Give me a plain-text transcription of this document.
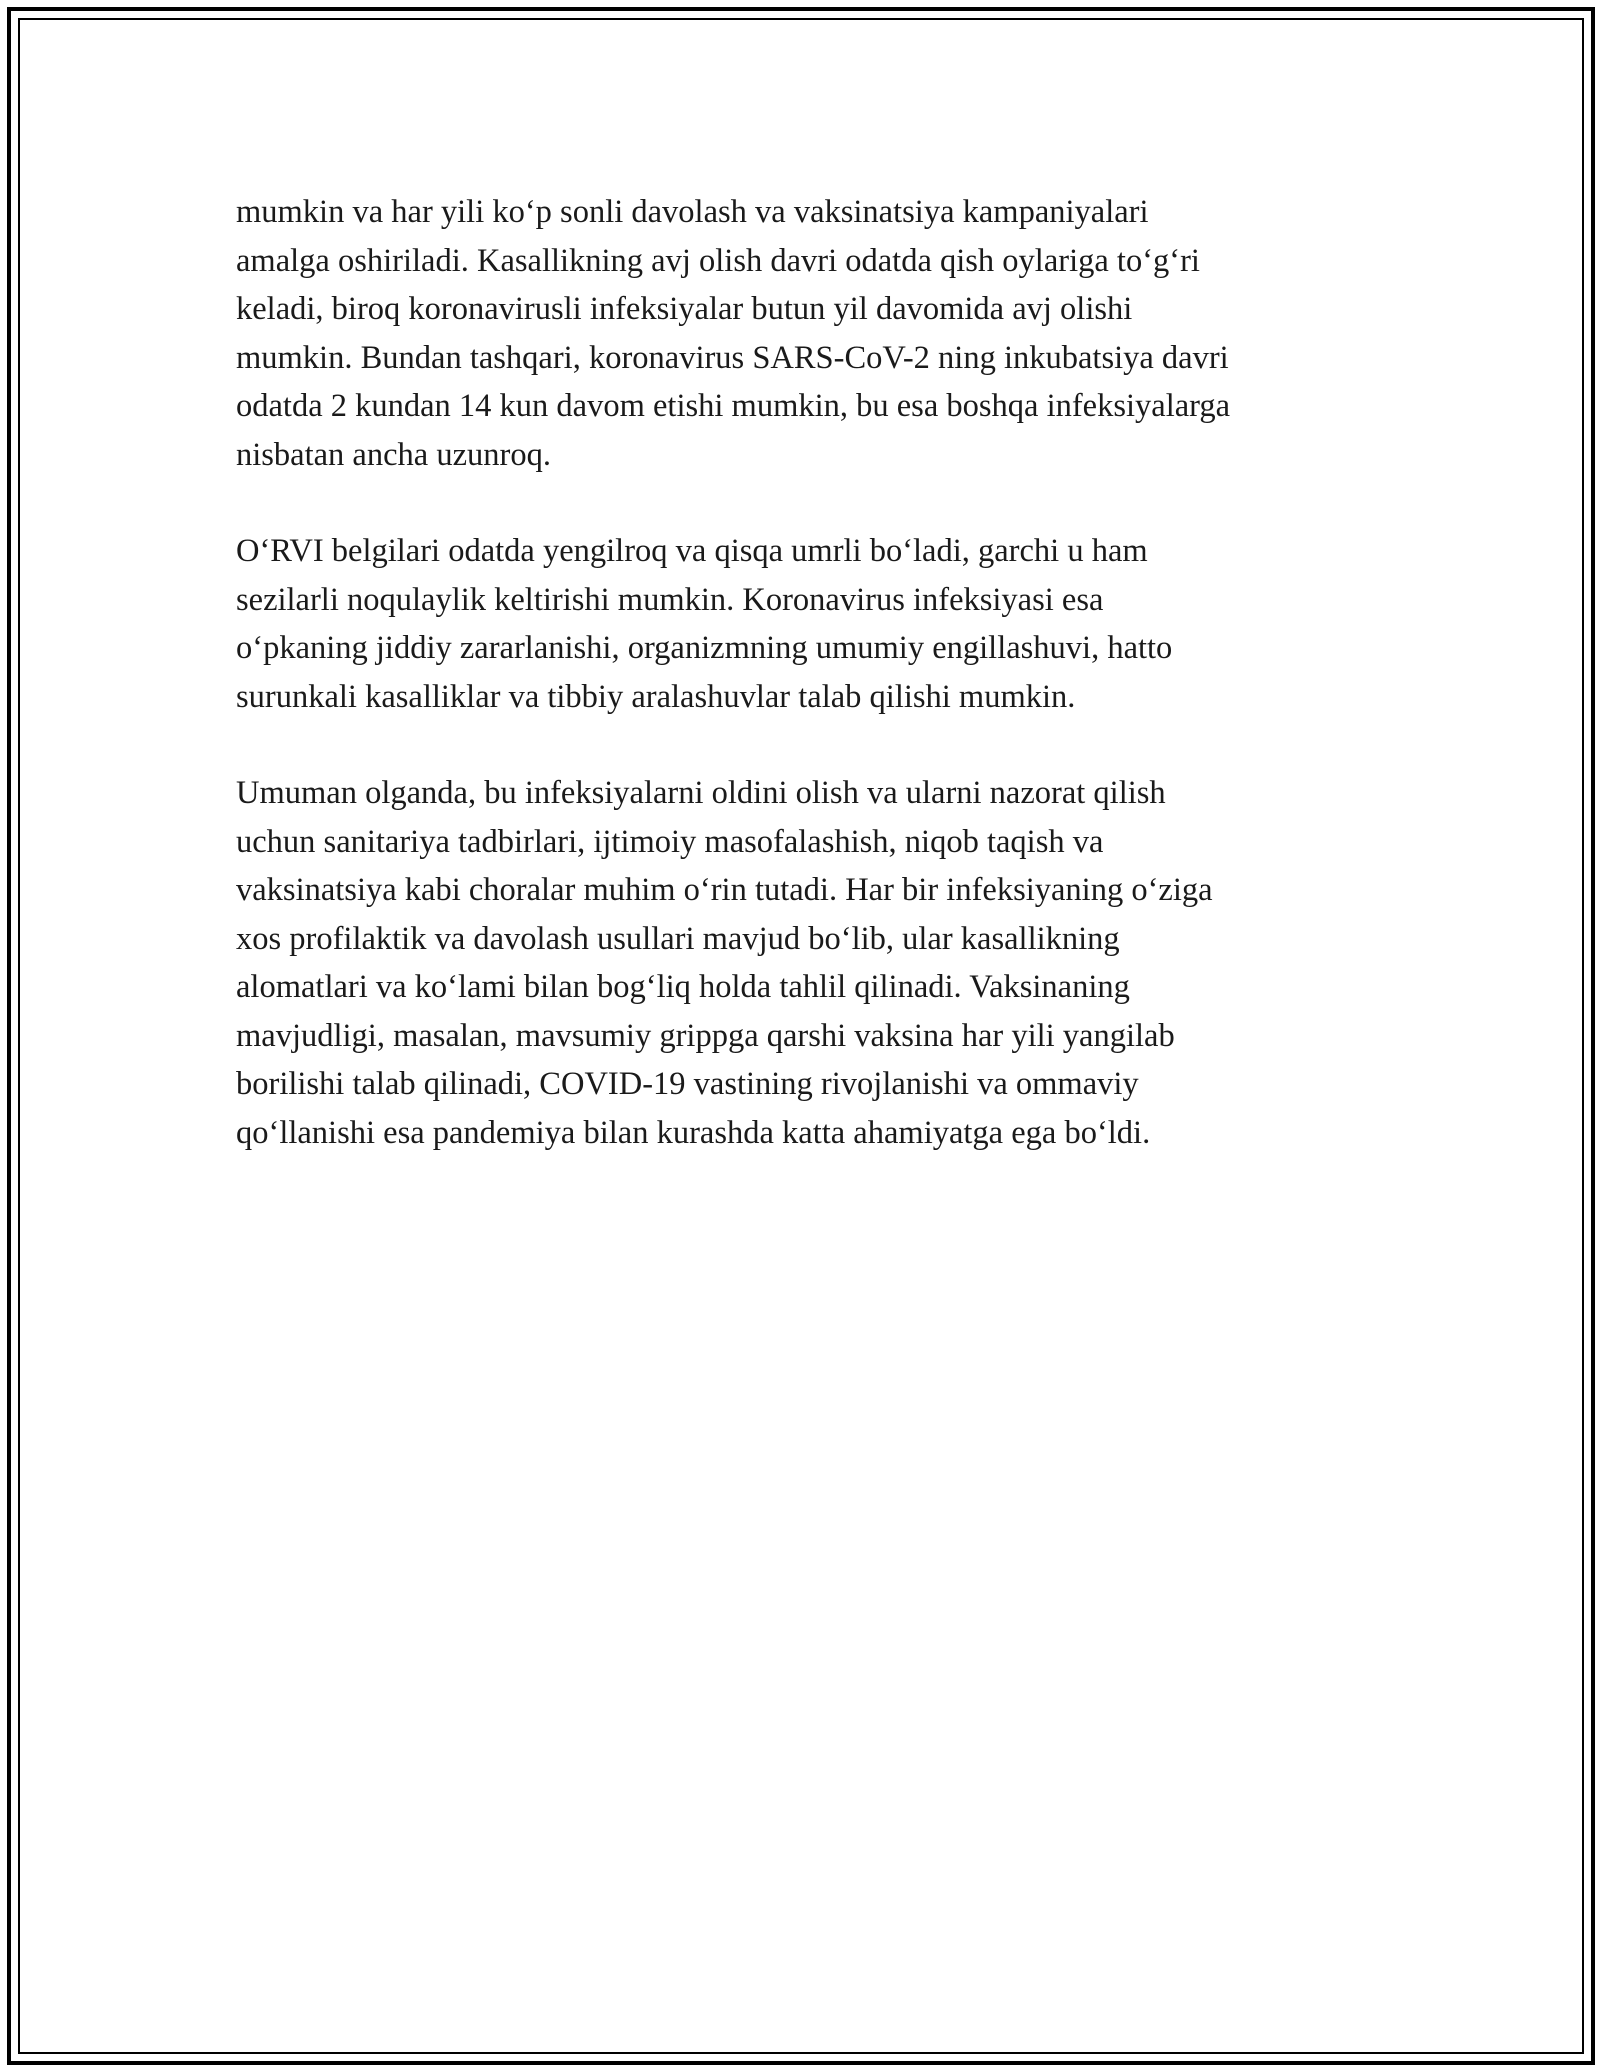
mumkin va har yili ko‘p sonli davolash va vaksinatsiya kampaniyalari
amalga oshiriladi. Kasallikning avj olish davri odatda qish oylariga to‘g‘ri
keladi, biroq koronavirusli infeksiyalar butun yil davomida avj olishi
mumkin. Bundan tashqari, koronavirus SARS-CoV-2 ning inkubatsiya davri
odatda 2 kundan 14 kun davom etishi mumkin, bu esa boshqa infeksiyalarga
nisbatan ancha uzunroq.

O‘RVI belgilari odatda yengilroq va qisqa umrli bo‘ladi, garchi u ham
sezilarli noqulaylik keltirishi mumkin. Koronavirus infeksiyasi esa
o‘pkaning jiddiy zararlanishi, organizmning umumiy engillashuvi, hatto
surunkali kasalliklar va tibbiy aralashuvlar talab qilishi mumkin.

Umuman olganda, bu infeksiyalarni oldini olish va ularni nazorat qilish
uchun sanitariya tadbirlari, ijtimoiy masofalashish, niqob taqish va
vaksinatsiya kabi choralar muhim o‘rin tutadi. Har bir infeksiyaning o‘ziga
xos profilaktik va davolash usullari mavjud bo‘lib, ular kasallikning
alomatlari va ko‘lami bilan bog‘liq holda tahlil qilinadi. Vaksinaning
mavjudligi, masalan, mavsumiy grippga qarshi vaksina har yili yangilab
borilishi talab qilinadi, COVID-19 vastining rivojlanishi va ommaviy
qo‘llanishi esa pandemiya bilan kurashda katta ahamiyatga ega bo‘ldi.
